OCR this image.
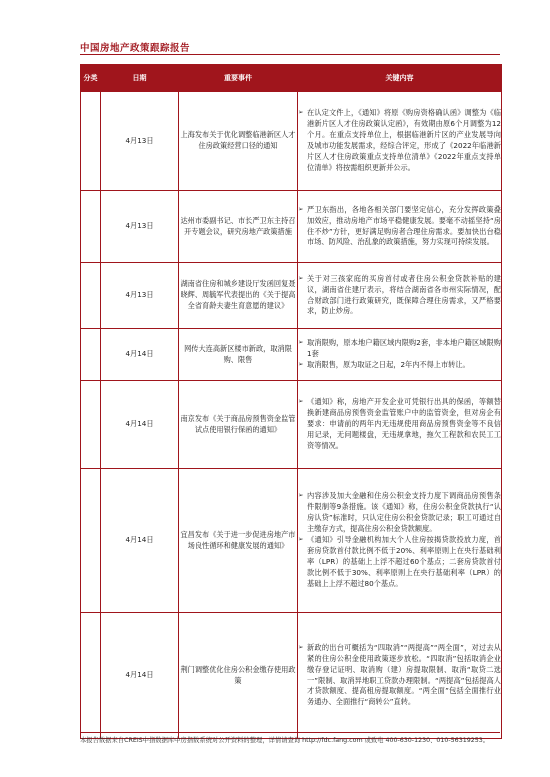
中国房地产政策跟踪报告
分类	日期	重要事件	关键内容
	4月13日	上海发布关于优化调整临港新区人才住房政策经营口径的通知	➢ 在认定文件上，《通知》将原《购房资格确认函》调整为《临港新片区人才住房政策认定函》，有效期由原6个月调整为12个月。在重点支持单位上，根据临港新片区的产业发展导向及城市功能发展需求，经综合评定，形成了《2022年临港新片区人才住房政策重点支持单位清单》《2022年重点支持单位清单》将按需组织更新并公示。

	4月13日	达州市委副书记、市长严卫东主持召开专题会议，研究房地产政策措施	➢ 严卫东指出，各地各相关部门要坚定信心，充分发挥政策叠加效应，推动房地产市场平稳健康发展。要毫不动摇坚持“房住不炒”方针，更好满足购房者合理住房需求。要加快出台稳市场、防风险、治乱象的政策措施，努力实现可持续发展。

	4月13日	湖南省住房和城乡建设厅发函回复聂晓辉、周毓军代表提出的《关于提高全省育龄夫妻生育意愿的建议》	➢ 关于对三孩家庭的买房首付或者住房公积金贷款补贴的建议，湖南省住建厅表示，将结合湖南省各市州实际情况，配合财政部门进行政策研究，既保障合理住房需求，又严格要求，防止炒房。

	4月14日	网传大连高新区楼市新政，取消限购、限售	➢ 取消限购，原本地户籍区域内限购2套，非本地户籍区域限购1套
➢ 取消限售，原为取证之日起，2年内不得上市转让。

	4月14日	南京发布《关于商品房预售资金监管试点使用银行保函的通知》	➢ 《通知》称，房地产开发企业可凭银行出具的保函，等额替换新建商品房预售资金监管账户中的监管资金，但对房企有要求：申请前的两年内无违规使用商品房预售资金等不良信用记录，无问题楼盘，无违规拿地，拖欠工程款和农民工工资等情况。

	4月14日	宜昌发布《关于进一步促进房地产市场良性循环和健康发展的通知》	➢ 内容涉及加大金融和住房公积金支持力度下调商品房预售条件限制等9条措施。该《通知》称，住房公积金贷款执行“认房认贷”标准时，只认定住房公积金贷款记录；职工可通过自主缴存方式，提高住房公积金贷款额度。
➢ 《通知》引导金融机构加大个人住房按揭贷款投放力度，首套房贷款首付款比例不低于20%、利率原则上在央行基础利率（LPR）的基础上上浮不超过60个基点；二套房贷款首付款比例不低于30%、利率原则上在央行基础利率（LPR）的基础上上浮不超过80个基点。

	4月14日	荆门调整优化住房公积金缴存使用政策	➢ 新政的出台可概括为“四取消”“两提高”“两全面”，对过去从紧的住房公积金使用政策逐步放松。“四取消”包括取消企业缴存登记证明、取消购（建）房提取限制、取消“取贷二选一”限制、取消异地职工贷款办理限制。“两提高”包括提高人才贷款额度、提高租房提取额度。“两全面”包括全面推行业务通办、全面推行“商转公”直转。
本报告数据来自CREIS中指数据库中房指数系统对公开资料的整理，详情请查询 http://fdc.fang.com 或致电 400-630-1230、010-56319253。
